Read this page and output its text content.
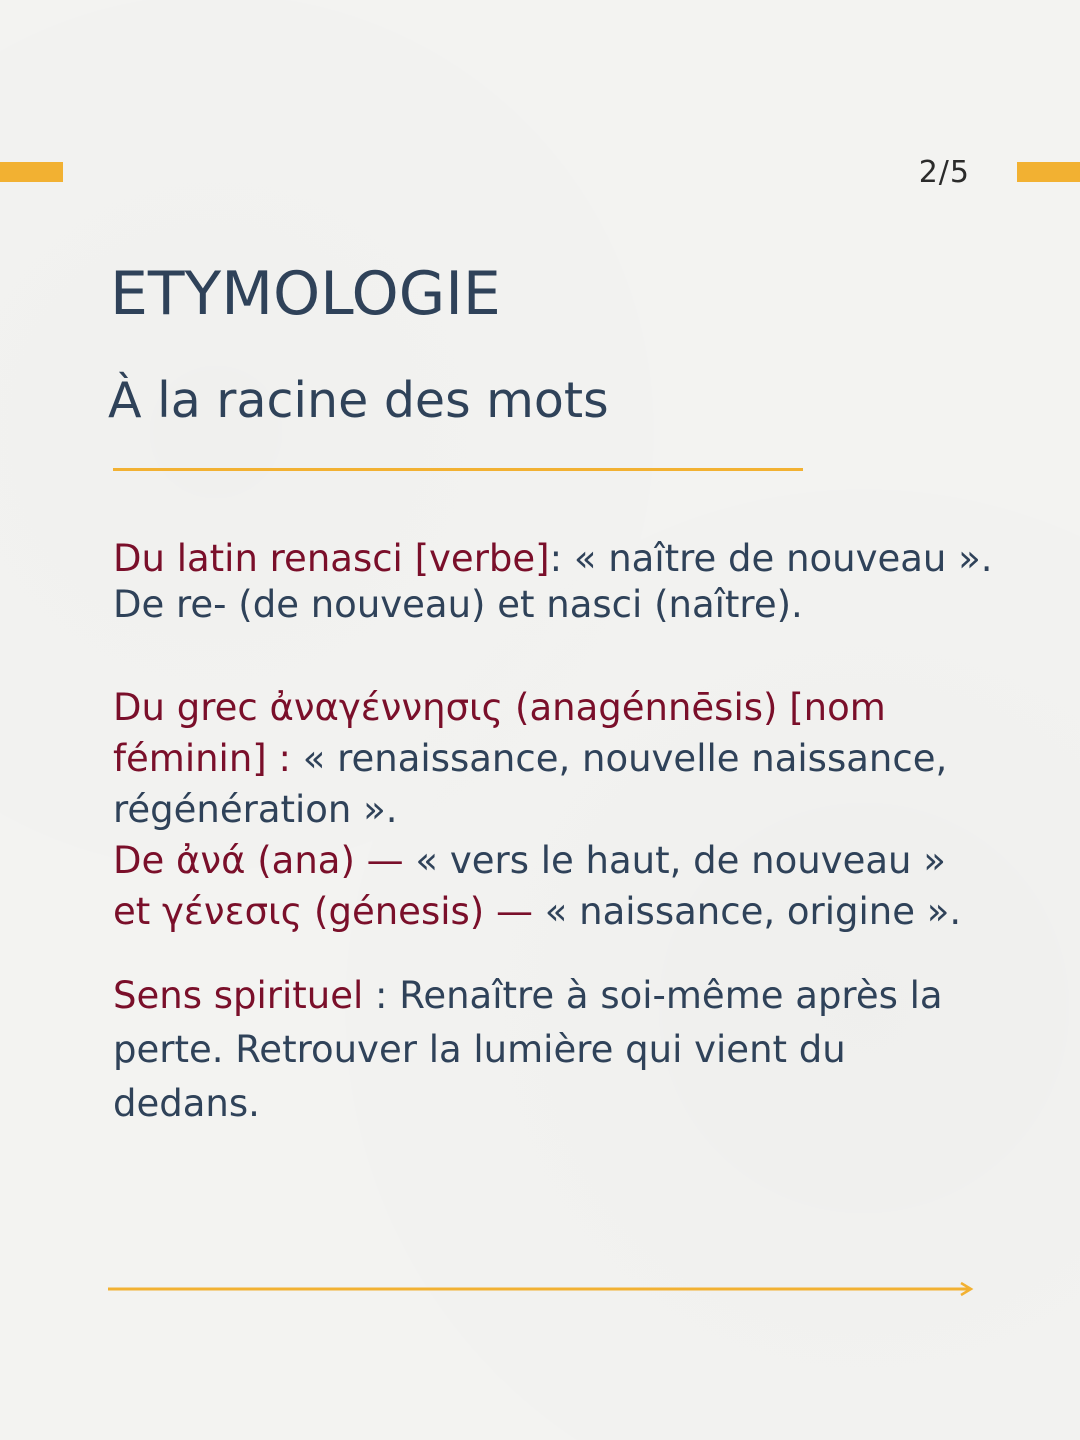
2/5
ETYMOLOGIE
À la racine des mots

Du latin renasci [verbe]: « naître de nouveau ». De re- (de nouveau) et nasci (naître).

Du grec ἀναγέννησις (anagénnēsis) [nom féminin] : « renaissance, nouvelle naissance, régénération ».
De ἀνά (ana) — « vers le haut, de nouveau »
et γένεσις (génesis) — « naissance, origine ».

Sens spirituel : Renaître à soi-même après la perte. Retrouver la lumière qui vient du dedans.
